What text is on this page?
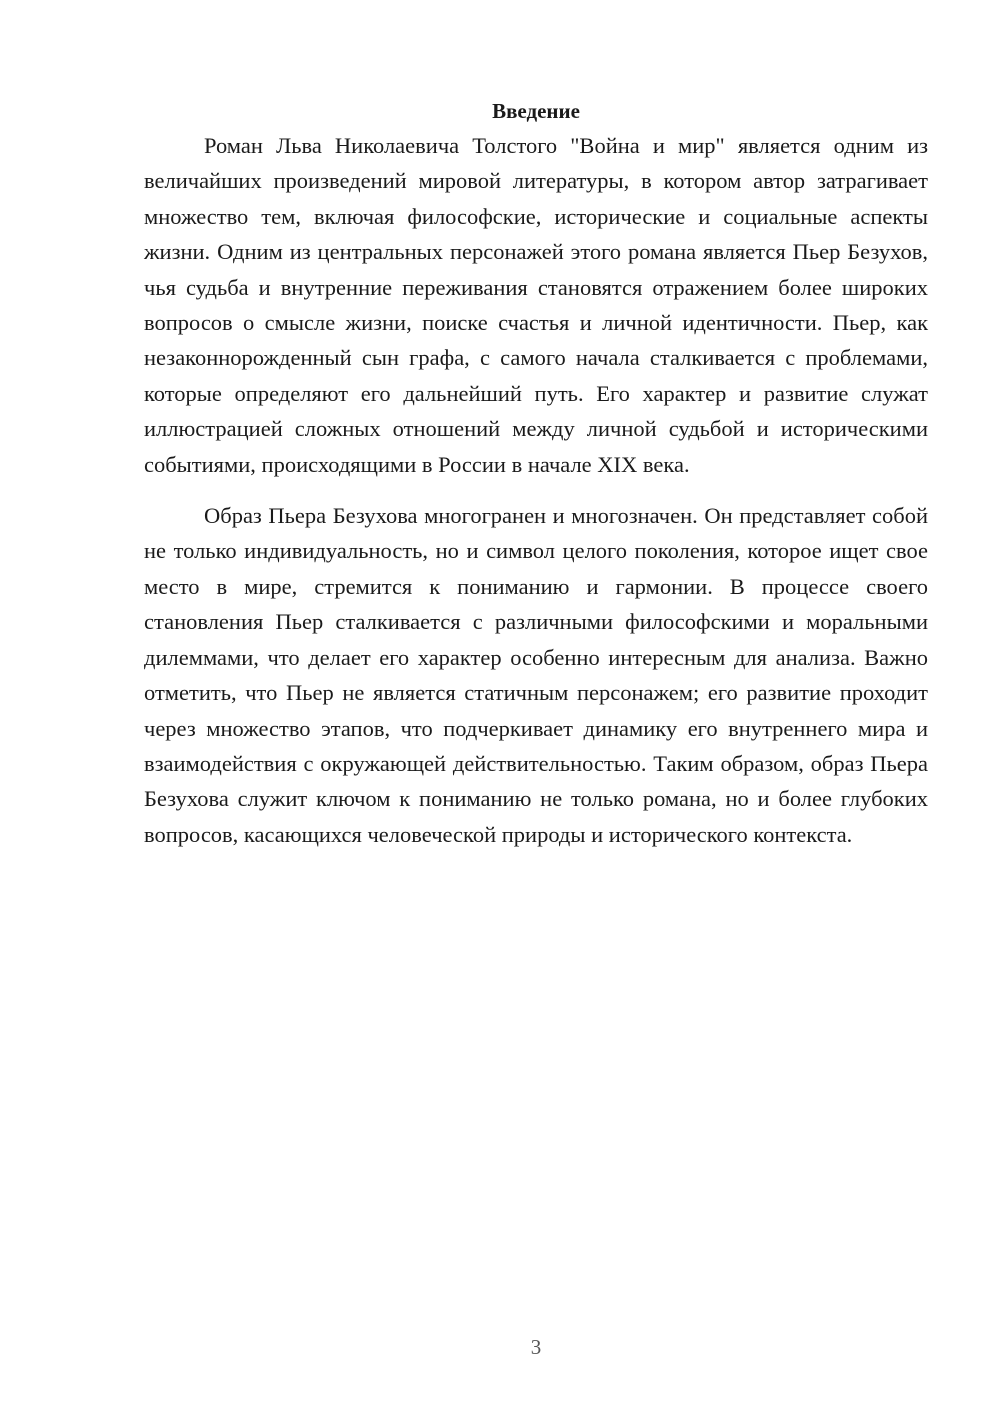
Введение

Роман Льва Николаевича Толстого "Война и мир" является одним из величайших произведений мировой литературы, в котором автор затрагивает множество тем, включая философские, исторические и социальные аспекты жизни. Одним из центральных персонажей этого романа является Пьер Безухов, чья судьба и внутренние переживания становятся отражением более широких вопросов о смысле жизни, поиске счастья и личной идентичности. Пьер, как незаконнорожденный сын графа, с самого начала сталкивается с проблемами, которые определяют его дальнейший путь. Его характер и развитие служат иллюстрацией сложных отношений между личной судьбой и историческими событиями, происходящими в России в начале XIX века.

Образ Пьера Безухова многогранен и многозначен. Он представляет собой не только индивидуальность, но и символ целого поколения, которое ищет свое место в мире, стремится к пониманию и гармонии. В процессе своего становления Пьер сталкивается с различными философскими и моральными дилеммами, что делает его характер особенно интересным для анализа. Важно отметить, что Пьер не является статичным персонажем; его развитие проходит через множество этапов, что подчеркивает динамику его внутреннего мира и взаимодействия с окружающей действительностью. Таким образом, образ Пьера Безухова служит ключом к пониманию не только романа, но и более глубоких вопросов, касающихся человеческой природы и исторического контекста.

3
